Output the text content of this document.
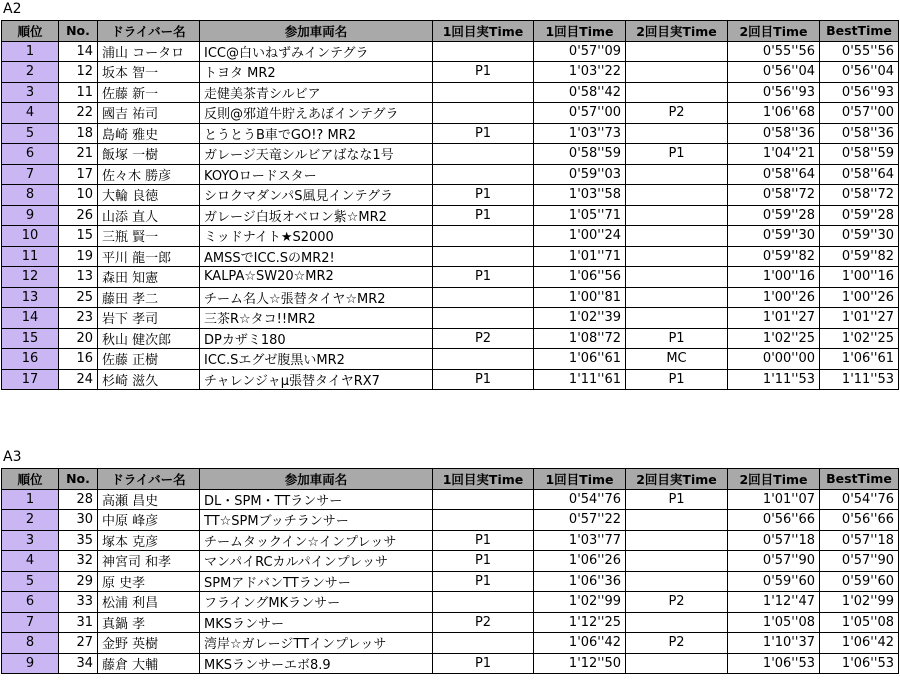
A2
順位	No.	ドライバー名	参加車両名	1回目実Time	1回目Time	2回目実Time	2回目Time	BestTime
1	14	浦山 コータロ	ICC@白いねずみインテグラ		0'57''09		0'55''56	0'55''56
2	12	坂本 智一	トヨタ MR2	P1	1'03''22		0'56''04	0'56''04
3	11	佐藤 新一	走健美茶青シルビア		0'58''42		0'56''93	0'56''93
4	22	國吉 祐司	反則@邪道牛貯えあぼインテグラ		0'57''00	P2	1'06''68	0'57''00
5	18	島崎 雅史	とうとうB車でGO!? MR2	P1	1'03''73		0'58''36	0'58''36
6	21	飯塚 一樹	ガレージ天竜シルビアばなな1号		0'58''59	P1	1'04''21	0'58''59
7	17	佐々木 勝彦	KOYOロードスター		0'59''03		0'58''64	0'58''64
8	10	大輪 良徳	シロクマダンパS風見インテグラ	P1	1'03''58		0'58''72	0'58''72
9	26	山添 直人	ガレージ白坂オベロン紫☆MR2	P1	1'05''71		0'59''28	0'59''28
10	15	三瓶 賢一	ミッドナイト★S2000		1'00''24		0'59''30	0'59''30
11	19	平川 龍一郎	AMSSでICC.SのMR2!		1'01''71		0'59''82	0'59''82
12	13	森田 知憲	KALPA☆SW20☆MR2	P1	1'06''56		1'00''16	1'00''16
13	25	藤田 孝二	チーム名人☆張替タイヤ☆MR2		1'00''81		1'00''26	1'00''26
14	23	岩下 孝司	三茶R☆タコ!!MR2		1'02''39		1'01''27	1'01''27
15	20	秋山 健次郎	DPカザミ180	P2	1'08''72	P1	1'02''25	1'02''25
16	16	佐藤 正樹	ICC.Sエグゼ腹黒いMR2		1'06''61	MC	0'00''00	1'06''61
17	24	杉崎 滋久	チャレンジャμ張替タイヤRX7	P1	1'11''61	P1	1'11''53	1'11''53
A3
順位	No.	ドライバー名	参加車両名	1回目実Time	1回目Time	2回目実Time	2回目Time	BestTime
1	28	高瀬 昌史	DL・SPM・TTランサー		0'54''76	P1	1'01''07	0'54''76
2	30	中原 峰彦	TT☆SPMブッチランサー		0'57''22		0'56''66	0'56''66
3	35	塚本 克彦	チームタックイン☆インプレッサ	P1	1'03''77		0'57''18	0'57''18
4	32	神宮司 和孝	マンパイRCカルパインプレッサ	P1	1'06''26		0'57''90	0'57''90
5	29	原 史孝	SPMアドバンTTランサー	P1	1'06''36		0'59''60	0'59''60
6	33	松浦 利昌	フライングMKランサー		1'02''99	P2	1'12''47	1'02''99
7	31	真鍋 孝	MKSランサー	P2	1'12''25		1'05''08	1'05''08
8	27	金野 英樹	湾岸☆ガレージTTインプレッサ		1'06''42	P2	1'10''37	1'06''42
9	34	藤倉 大輔	MKSランサーエボ8.9	P1	1'12''50		1'06''53	1'06''53
